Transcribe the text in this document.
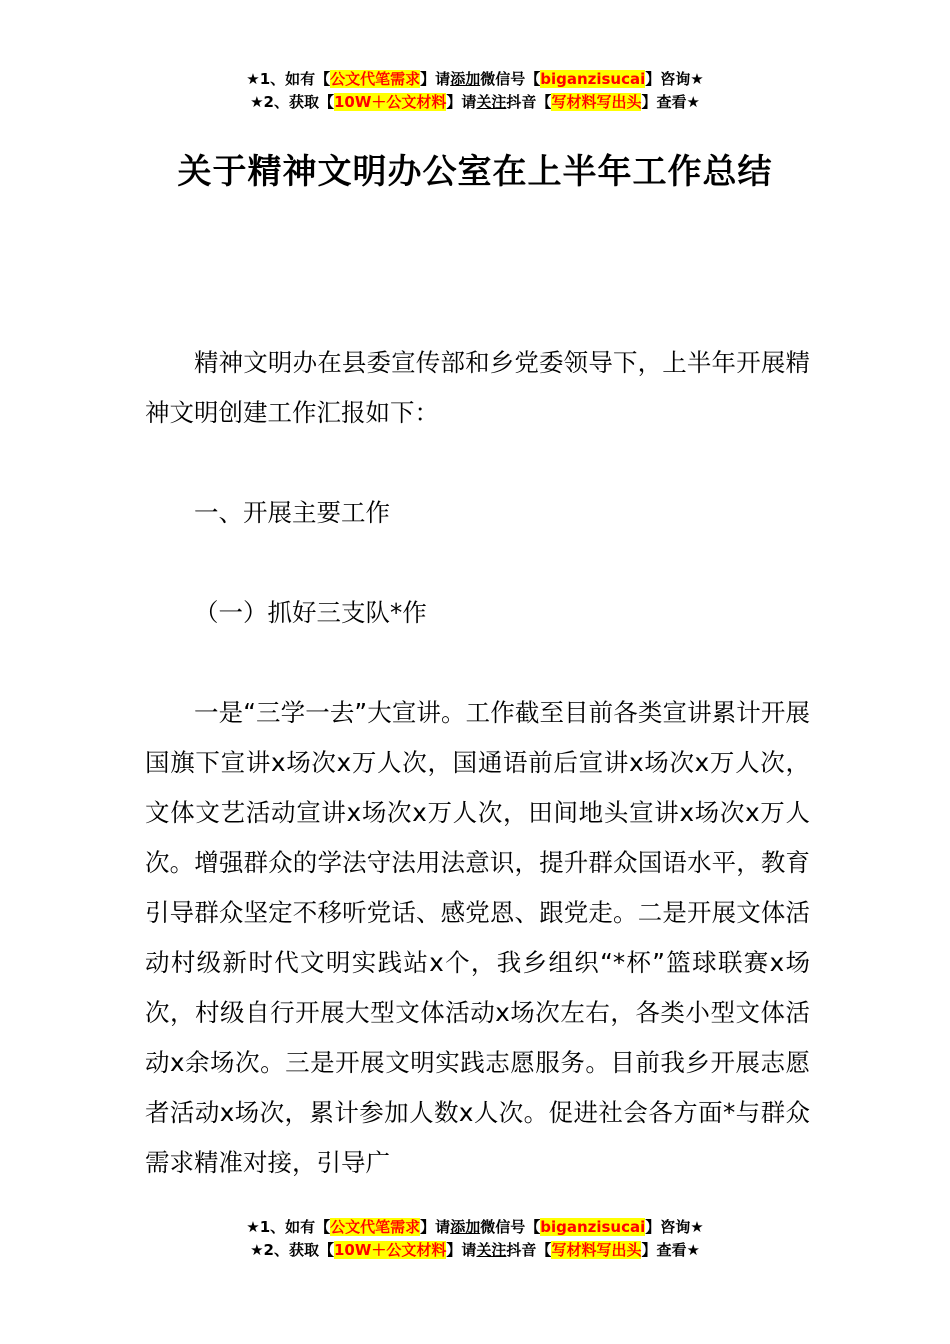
★1、如有【公文代笔需求】请添加微信号【biganzisucai】咨询★
★2、获取【10W＋公文材料】请关注抖音【写材料写出头】查看★
关于精神文明办公室在上半年工作总结

精神文明办在县委宣传部和乡党委领导下，上半年开展精神文明创建工作汇报如下：

一、开展主要工作

（一）抓好三支队*作

一是“三学一去”大宣讲。工作截至目前各类宣讲累计开展国旗下宣讲x场次x万人次，国通语前后宣讲x场次x万人次，文体文艺活动宣讲x场次x万人次，田间地头宣讲x场次x万人次。增强群众的学法守法用法意识，提升群众国语水平，教育引导群众坚定不移听党话、感党恩、跟党走。二是开展文体活动村级新时代文明实践站x个，我乡组织“*杯”篮球联赛x场次，村级自行开展大型文体活动x场次左右，各类小型文体活动x余场次。三是开展文明实践志愿服务。目前我乡开展志愿者活动x场次，累计参加人数x人次。促进社会各方面*与群众需求精准对接，引导广

★1、如有【公文代笔需求】请添加微信号【biganzisucai】咨询★
★2、获取【10W＋公文材料】请关注抖音【写材料写出头】查看★
